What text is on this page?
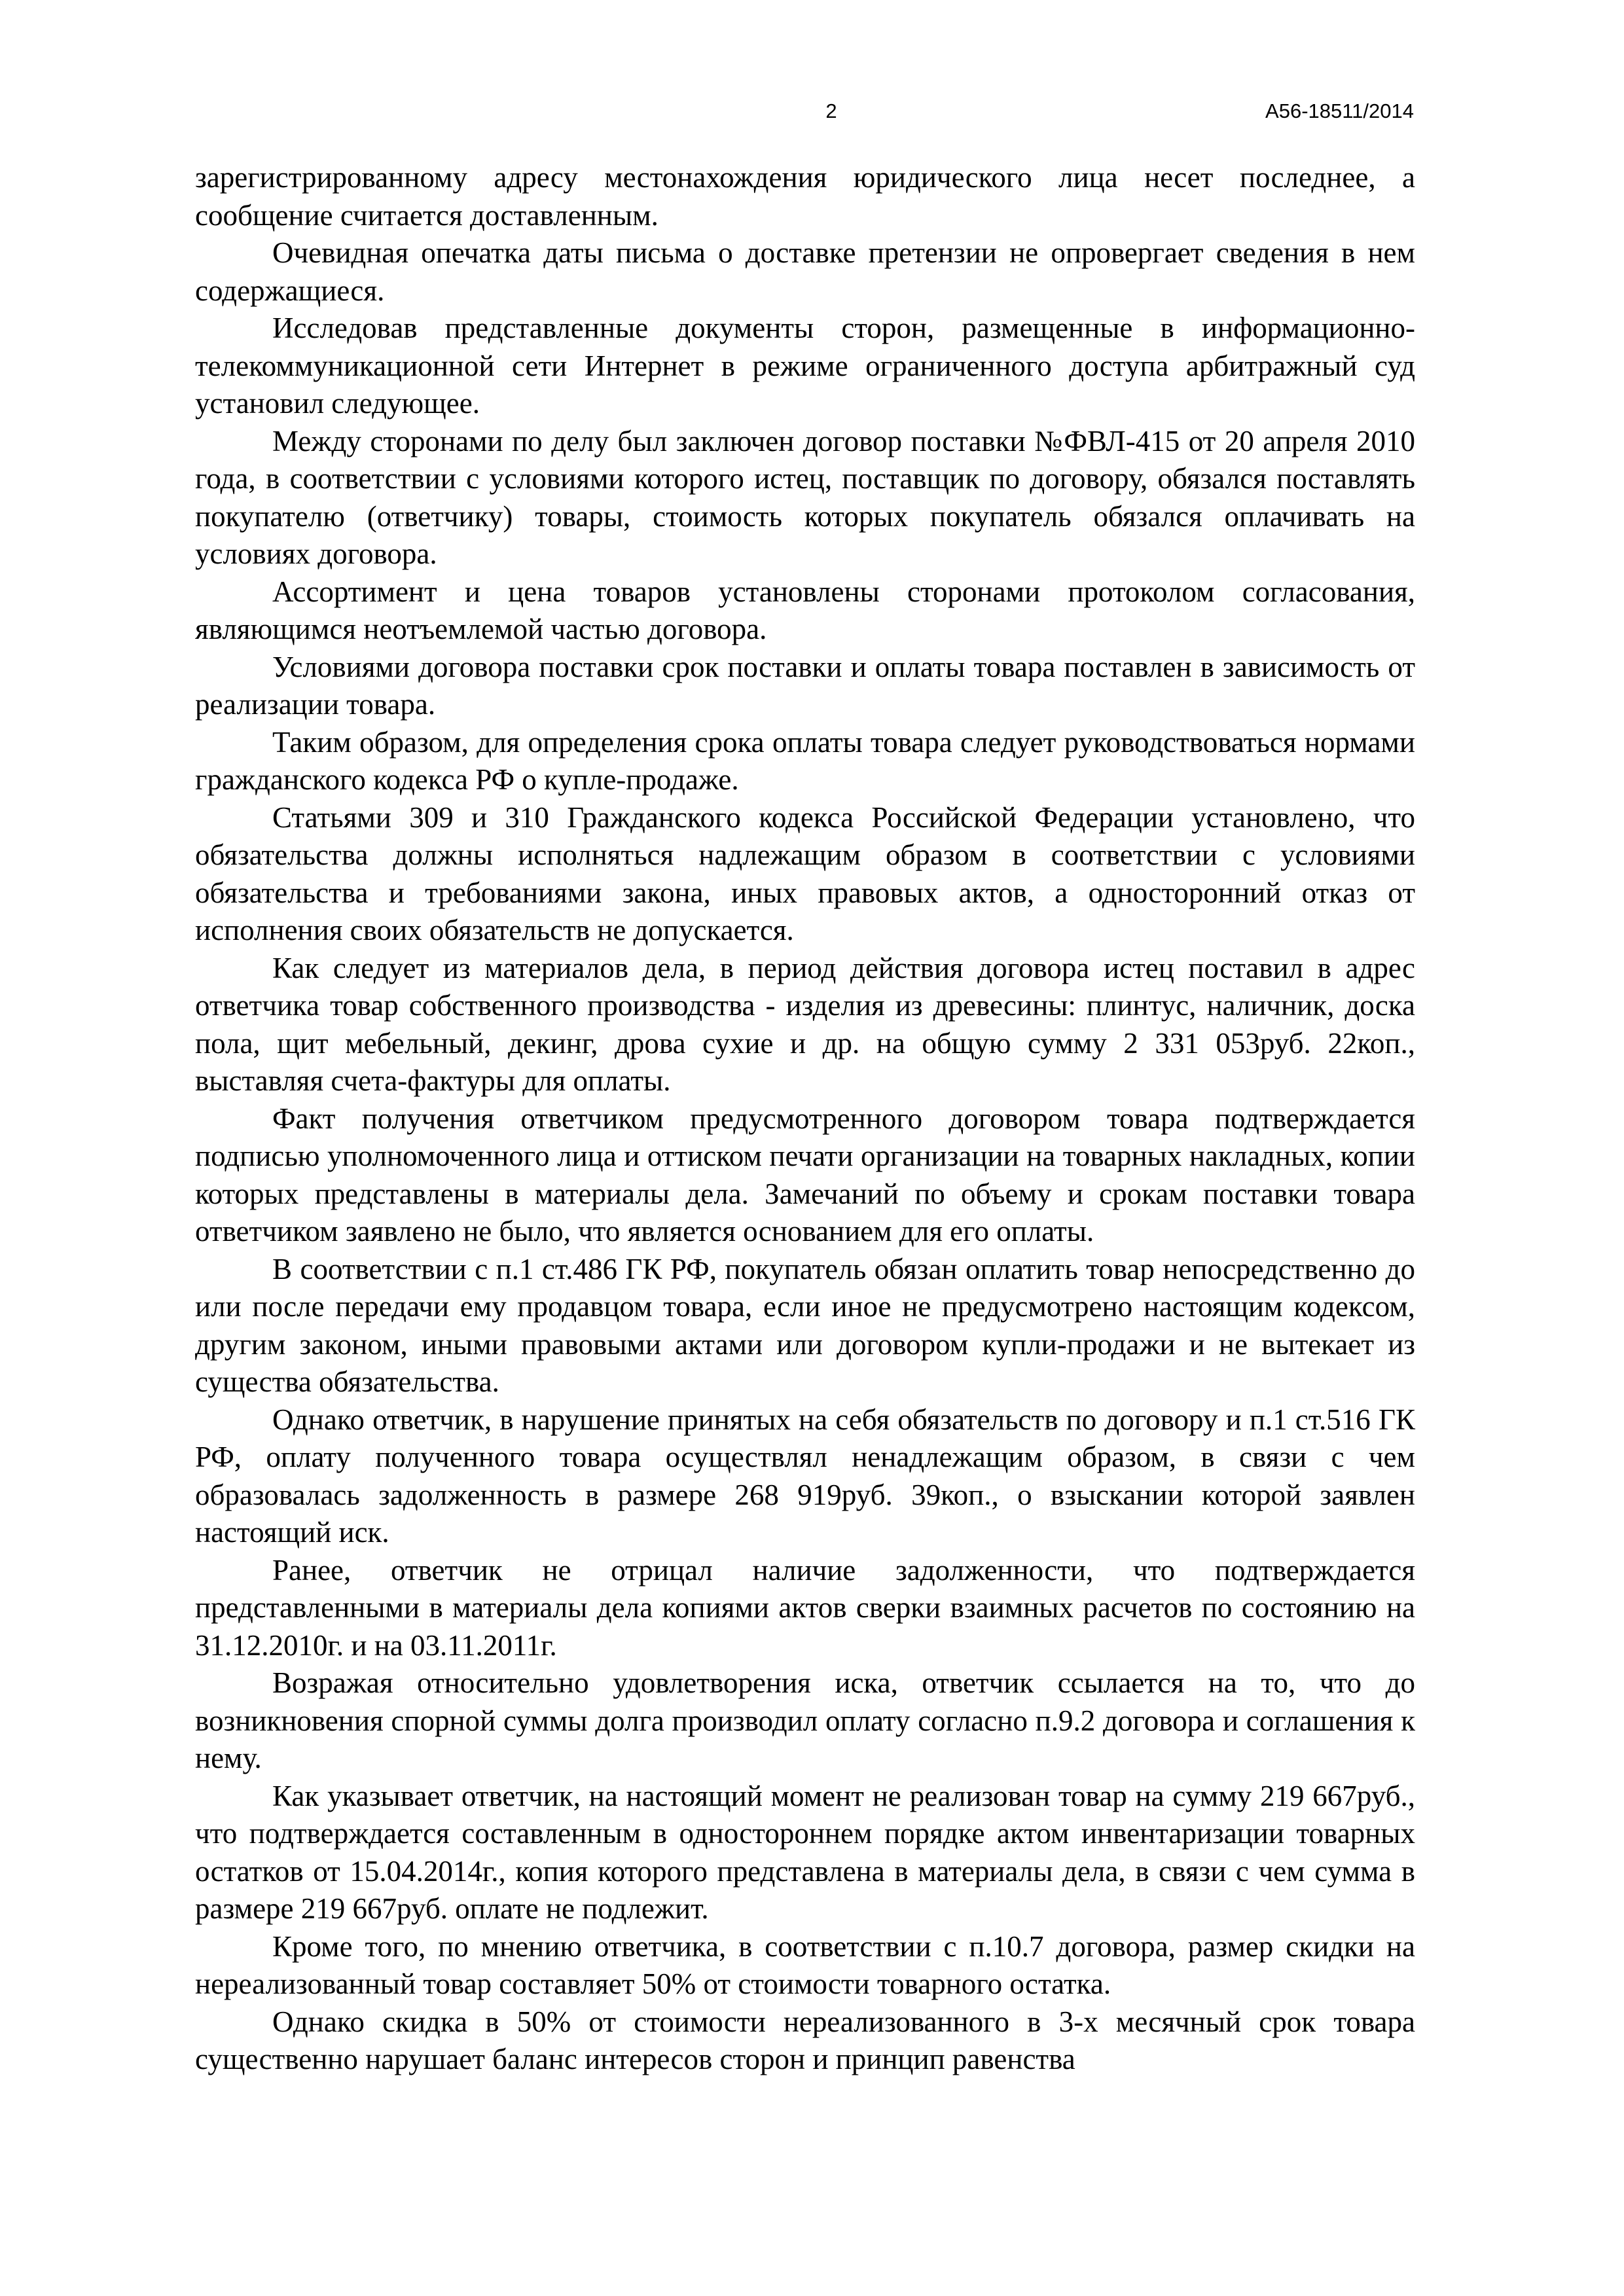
2	А56-18511/2014

зарегистрированному адресу местонахождения юридического лица несет последнее, а сообщение считается доставленным.

Очевидная опечатка даты письма о доставке претензии не опровергает сведения в нем содержащиеся.

Исследовав представленные документы сторон, размещенные в информационно-телекоммуникационной сети Интернет в режиме ограниченного доступа арбитражный суд установил следующее.

Между сторонами по делу был заключен договор поставки №ФВЛ-415 от 20 апреля 2010 года, в соответствии с условиями которого истец, поставщик по договору, обязался поставлять покупателю (ответчику) товары, стоимость которых покупатель обязался оплачивать на условиях договора.

Ассортимент и цена товаров установлены сторонами протоколом согласования, являющимся неотъемлемой частью договора.

Условиями договора поставки срок поставки и оплаты товара поставлен в зависимость от реализации товара.

Таким образом, для определения срока оплаты товара следует руководствоваться нормами гражданского кодекса РФ о купле-продаже.

Статьями 309 и 310 Гражданского кодекса Российской Федерации установлено, что обязательства должны исполняться надлежащим образом в соответствии с условиями обязательства и требованиями закона, иных правовых актов, а односторонний отказ от исполнения своих обязательств не допускается.

Как следует из материалов дела, в период действия договора истец поставил в адрес ответчика товар собственного производства - изделия из древесины: плинтус, наличник, доска пола, щит мебельный, декинг, дрова сухие и др. на общую сумму 2 331 053руб. 22коп., выставляя счета-фактуры для оплаты.

Факт получения ответчиком предусмотренного договором товара подтверждается подписью уполномоченного лица и оттиском печати организации на товарных накладных, копии которых представлены в материалы дела. Замечаний по объему и срокам поставки товара ответчиком заявлено не было, что является основанием для его оплаты.

В соответствии с п.1 ст.486 ГК РФ, покупатель обязан оплатить товар непосредственно до или после передачи ему продавцом товара, если иное не предусмотрено настоящим кодексом, другим законом, иными правовыми актами или договором купли-продажи и не вытекает из существа обязательства.

Однако ответчик, в нарушение принятых на себя обязательств по договору и п.1 ст.516 ГК РФ, оплату полученного товара осуществлял ненадлежащим образом, в связи с чем образовалась задолженность в размере 268 919руб. 39коп., о взыскании которой заявлен настоящий иск.

Ранее, ответчик не отрицал наличие задолженности, что подтверждается представленными в материалы дела копиями актов сверки взаимных расчетов по состоянию на 31.12.2010г. и на 03.11.2011г.

Возражая относительно удовлетворения иска, ответчик ссылается на то, что до возникновения спорной суммы долга производил оплату согласно п.9.2 договора и соглашения к нему.

Как указывает ответчик, на настоящий момент не реализован товар на сумму 219 667руб., что подтверждается составленным в одностороннем порядке актом инвентаризации товарных остатков от 15.04.2014г., копия которого представлена в материалы дела, в связи с чем сумма в размере 219 667руб. оплате не подлежит.

Кроме того, по мнению ответчика, в соответствии с п.10.7 договора, размер скидки на нереализованный товар составляет 50% от стоимости товарного остатка.

Однако скидка в 50% от стоимости нереализованного в 3-х месячный срок товара существенно нарушает баланс интересов сторон и принцип равенства
